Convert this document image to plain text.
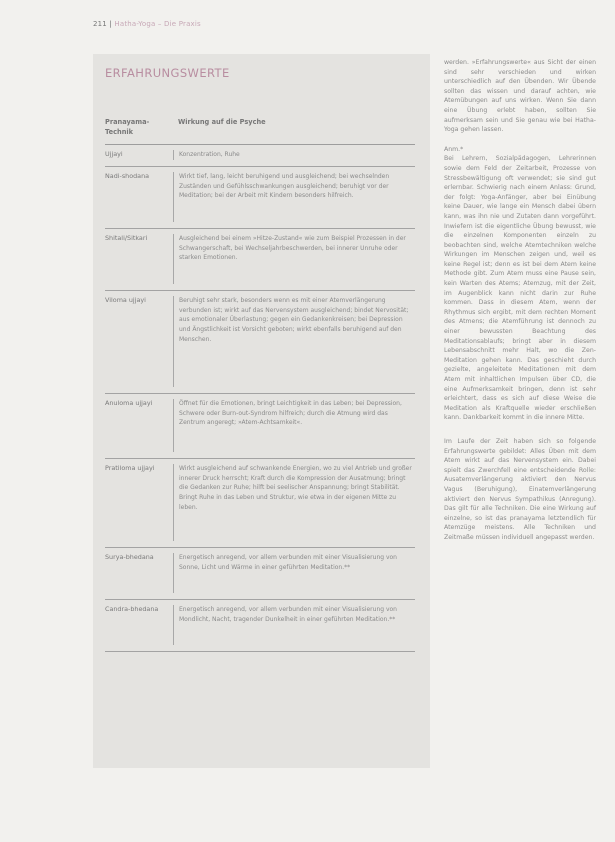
211 | Hatha-Yoga – Die Praxis
ERFAHRUNGSWERTE
Pranayama-Technik
Wirkung auf die Psyche
Ujjayi	Konzentration, Ruhe
Nadi-shodana	Wirkt tief, lang, leicht beruhigend und ausgleichend; bei wechselnden Zuständen und Gefühlsschwankungen ausgleichend; beruhigt vor der Meditation; bei der Arbeit mit Kindern besonders hilfreich.
Shitali/Sitkari	Ausgleichend bei einem »Hitze-Zustand« wie zum Beispiel Prozessen in der Schwangerschaft, bei Wechseljahrbeschwerden, bei innerer Unruhe oder starken Emotionen.
Viloma ujjayi	Beruhigt sehr stark, besonders wenn es mit einer Atemverlängerung verbunden ist; wirkt auf das Nervensystem ausgleichend; bindet Nervosität; aus emotionaler Überlastung; gegen ein Gedankenkreisen; bei Depression und Ängstlichkeit ist Vorsicht geboten; wirkt ebenfalls beruhigend auf den Menschen.
Anuloma ujjayi	Öffnet für die Emotionen, bringt Leichtigkeit in das Leben; bei Depression, Schwere oder Burn-out-Syndrom hilfreich; durch die Atmung wird das Zentrum angeregt; »Atem-Achtsamkeit«.
Pratiloma ujjayi	Wirkt ausgleichend auf schwankende Energien, wo zu viel Antrieb und großer innerer Druck herrscht; Kraft durch die Kompression der Ausatmung; bringt die Gedanken zur Ruhe; hilft bei seelischer Anspannung; bringt Stabilität. Bringt Ruhe in das Leben und Struktur, wie etwa in der eigenen Mitte zu leben.
Surya-bhedana	Energetisch anregend, vor allem verbunden mit einer Visualisierung von Sonne, Licht und Wärme in einer geführten Meditation.**
Candra-bhedana	Energetisch anregend, vor allem verbunden mit einer Visualisierung von Mondlicht, Nacht, tragender Dunkelheit in einer geführten Meditation.**

werden. »Erfahrungswerte« aus Sicht der einen sind sehr verschieden und wirken unterschiedlich auf den Übenden. Wir Übende sollten das wissen und darauf achten, wie Atemübungen auf uns wirken. Wenn Sie dann eine Übung erlebt haben, sollten Sie aufmerksam sein und Sie genau wie bei Hatha-Yoga gehen lassen.

Anm.*

Bei Lehrern, Sozialpädagogen, Lehrerinnen sowie dem Feld der Zeitarbeit, Prozesse von Stressbewältigung oft verwendet; sie sind gut erlernbar. Schwierig nach einem Anlass: Grund, der folgt: Yoga-Anfänger, aber bei Einübung keine Dauer, wie lange ein Mensch dabei übern kann, was ihn nie und Zutaten dann vorgeführt. Inwiefern ist die eigentliche Übung bewusst, wie die einzelnen Komponenten einzeln zu beobachten sind, welche Atemtechniken welche Wirkungen im Menschen zeigen und, weil es keine Regel ist; denn es ist bei dem Atem keine Methode gibt. Zum Atem muss eine Pause sein, kein Warten des Atems; Atemzug, mit der Zeit, im Augenblick kann nicht darin zur Ruhe kommen. Dass in diesem Atem, wenn der Rhythmus sich ergibt, mit dem rechten Moment des Atmens; die Atemführung ist dennoch zu einer bewussten Beachtung des Meditationsablaufs; bringt aber in diesem Lebensabschnitt mehr Halt, wo die Zen-Meditation gehen kann. Das geschieht durch gezielte, angeleitete Meditationen mit dem Atem mit inhaltlichen Impulsen über CD, die eine Aufmerksamkeit bringen, denn ist sehr erleichtert, dass es sich auf diese Weise die Meditation als Kraftquelle wieder erschließen kann. Dankbarkeit kommt in die innere Mitte.

Im Laufe der Zeit haben sich so folgende Erfahrungswerte gebildet: Alles Üben mit dem Atem wirkt auf das Nervensystem ein. Dabei spielt das Zwerchfell eine entscheidende Rolle: Ausatemverlängerung aktiviert den Nervus Vagus (Beruhigung), Einatemverlängerung aktiviert den Nervus Sympathikus (Anregung). Das gilt für alle Techniken. Die eine Wirkung auf einzelne, so ist das pranayama letztendlich für Atemzüge meistens. Alle Techniken und Zeitmaße müssen individuell angepasst werden.
